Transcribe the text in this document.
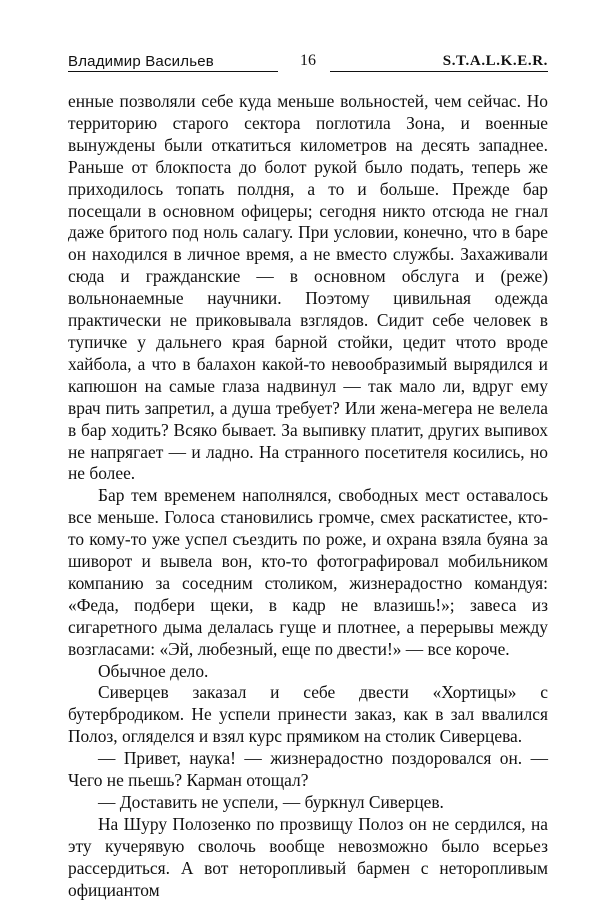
Владимир Васильев	16	S.T.A.L.K.E.R.

енные позволяли себе куда меньше вольностей, чем сейчас. Но территорию старого сектора поглотила Зона, и военные вынуждены были откатиться километров на десять западнее. Раньше от блокпоста до болот рукой было подать, теперь же приходилось топать полдня, а то и больше. Прежде бар посещали в основном офицеры; сегодня никто отсюда не гнал даже бритого под ноль салагу. При условии, конечно, что в баре он находился в личное время, а не вместо службы. Захаживали сюда и гражданские — в основном обслуга и (реже) вольнонаемные научники. Поэтому цивильная одежда практически не приковывала взглядов. Сидит себе человек в тупичке у дальнего края барной стойки, цедит чтото вроде хайбола, а что в балахон какой-то невообразимый вырядился и капюшон на самые глаза надвинул — так мало ли, вдруг ему врач пить запретил, а душа требует? Или жена-мегера не велела в бар ходить? Всяко бывает. За выпивку платит, других выпивох не напрягает — и ладно. На странного посетителя косились, но не более.

Бар тем временем наполнялся, свободных мест оставалось все меньше. Голоса становились громче, смех раскатистее, кто-то кому-то уже успел съездить по роже, и охрана взяла буяна за шиворот и вывела вон, кто-то фотографировал мобильником компанию за соседним столиком, жизнерадостно командуя: «Феда, подбери щеки, в кадр не влазишь!»; завеса из сигаретного дыма делалась гуще и плотнее, а перерывы между возгласами: «Эй, любезный, еще по двести!» — все короче.

Обычное дело.

Сиверцев заказал и себе двести «Хортицы» с бутербродиком. Не успели принести заказ, как в зал ввалился Полоз, огляделся и взял курс прямиком на столик Сиверцева.

— Привет, наука! — жизнерадостно поздоровался он. — Чего не пьешь? Карман отощал?

— Доставить не успели, — буркнул Сиверцев.

На Шуру Полозенко по прозвищу Полоз он не сердился, на эту кучерявую сволочь вообще невозможно было всерьез рассердиться. А вот неторопливый бармен с неторопливым официантом
